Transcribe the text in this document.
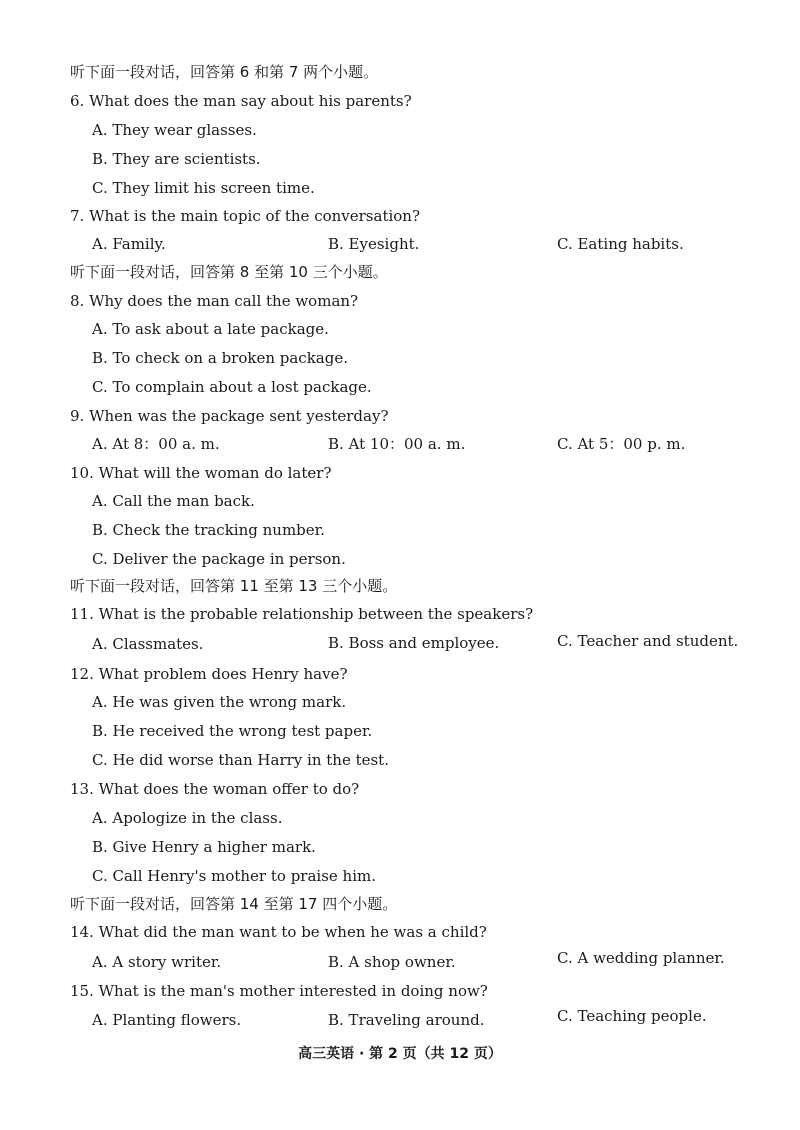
听下面一段对话，回答第 6 和第 7 两个小题。
6. What does the man say about his parents?
A. They wear glasses.
B. They are scientists.
C. They limit his screen time.
7. What is the main topic of the conversation?
A. Family.	B. Eyesight.	C. Eating habits.
听下面一段对话，回答第 8 至第 10 三个小题。
8. Why does the man call the woman?
A. To ask about a late package.
B. To check on a broken package.
C. To complain about a lost package.
9. When was the package sent yesterday?
A. At 8：00 a. m.	B. At 10：00 a. m.	C. At 5：00 p. m.
10. What will the woman do later?
A. Call the man back.
B. Check the tracking number.
C. Deliver the package in person.
听下面一段对话，回答第 11 至第 13 三个小题。
11. What is the probable relationship between the speakers?
A. Classmates.	B. Boss and employee.	C. Teacher and student.
12. What problem does Henry have?
A. He was given the wrong mark.
B. He received the wrong test paper.
C. He did worse than Harry in the test.
13. What does the woman offer to do?
A. Apologize in the class.
B. Give Henry a higher mark.
C. Call Henry's mother to praise him.
听下面一段对话，回答第 14 至第 17 四个小题。
14. What did the man want to be when he was a child?
A. A story writer.	B. A shop owner.	C. A wedding planner.
15. What is the man's mother interested in doing now?
A. Planting flowers.	B. Traveling around.	C. Teaching people.
高三英语 · 第 2 页（共 12 页）
